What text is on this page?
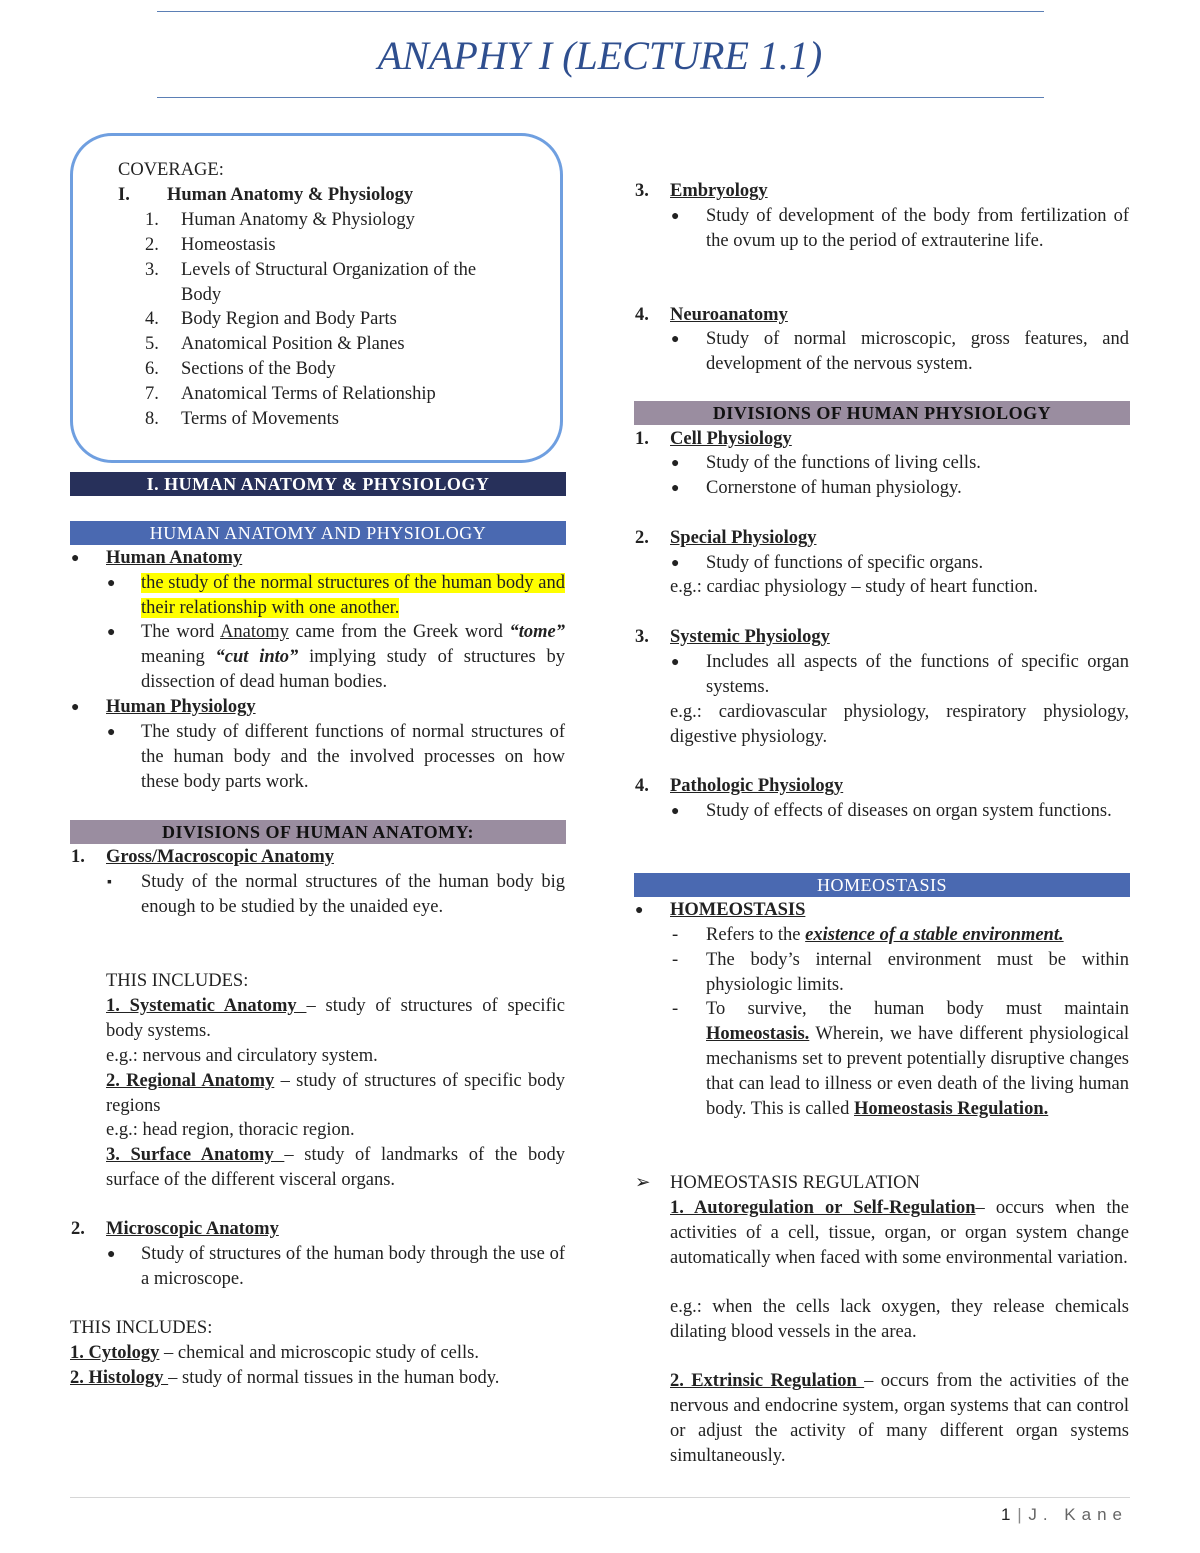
ANAPHY I (LECTURE 1.1)
COVERAGE:
I. Human Anatomy & Physiology
1. Human Anatomy & Physiology
2. Homeostasis
3. Levels of Structural Organization of the
Body
4. Body Region and Body Parts
5. Anatomical Position & Planes
6. Sections of the Body
7. Anatomical Terms of Relationship
8. Terms of Movements
I. HUMAN ANATOMY & PHYSIOLOGY
HUMAN ANATOMY AND PHYSIOLOGY
● Human Anatomy
● the study of the normal structures of the human body and their relationship with one another.
● The word Anatomy came from the Greek word “tome” meaning “cut into” implying study of structures by dissection of dead human bodies.
● Human Physiology
● The study of different functions of normal structures of the human body and the involved processes on how these body parts work.
DIVISIONS OF HUMAN ANATOMY:
1. Gross/Macroscopic Anatomy
▪ Study of the normal structures of the human body big enough to be studied by the unaided eye.
THIS INCLUDES:
1. Systematic Anatomy – study of structures of specific body systems.
e.g.: nervous and circulatory system.
2. Regional Anatomy – study of structures of specific body regions
e.g.: head region, thoracic region.
3. Surface Anatomy – study of landmarks of the body surface of the different visceral organs.
2. Microscopic Anatomy
● Study of structures of the human body through the use of a microscope.
THIS INCLUDES:
1. Cytology – chemical and microscopic study of cells.
2. Histology – study of normal tissues in the human body.
3. Embryology
● Study of development of the body from fertilization of the ovum up to the period of extrauterine life.
4. Neuroanatomy
● Study of normal microscopic, gross features, and development of the nervous system.
DIVISIONS OF HUMAN PHYSIOLOGY
1. Cell Physiology
● Study of the functions of living cells.
● Cornerstone of human physiology.
2. Special Physiology
● Study of functions of specific organs.
e.g.: cardiac physiology – study of heart function.
3. Systemic Physiology
● Includes all aspects of the functions of specific organ systems.
e.g.: cardiovascular physiology, respiratory physiology, digestive physiology.
4. Pathologic Physiology
● Study of effects of diseases on organ system functions.
HOMEOSTASIS
● HOMEOSTASIS
- Refers to the existence of a stable environment.
- The body’s internal environment must be within physiologic limits.
- To survive, the human body must maintain Homeostasis. Wherein, we have different physiological mechanisms set to prevent potentially disruptive changes that can lead to illness or even death of the living human body. This is called Homeostasis Regulation.
➢ HOMEOSTASIS REGULATION
1. Autoregulation or Self-Regulation– occurs when the activities of a cell, tissue, organ, or organ system change automatically when faced with some environmental variation.
e.g.: when the cells lack oxygen, they release chemicals dilating blood vessels in the area.
2. Extrinsic Regulation – occurs from the activities of the nervous and endocrine system, organ systems that can control or adjust the activity of many different organ systems simultaneously.
1 | J. Kane
